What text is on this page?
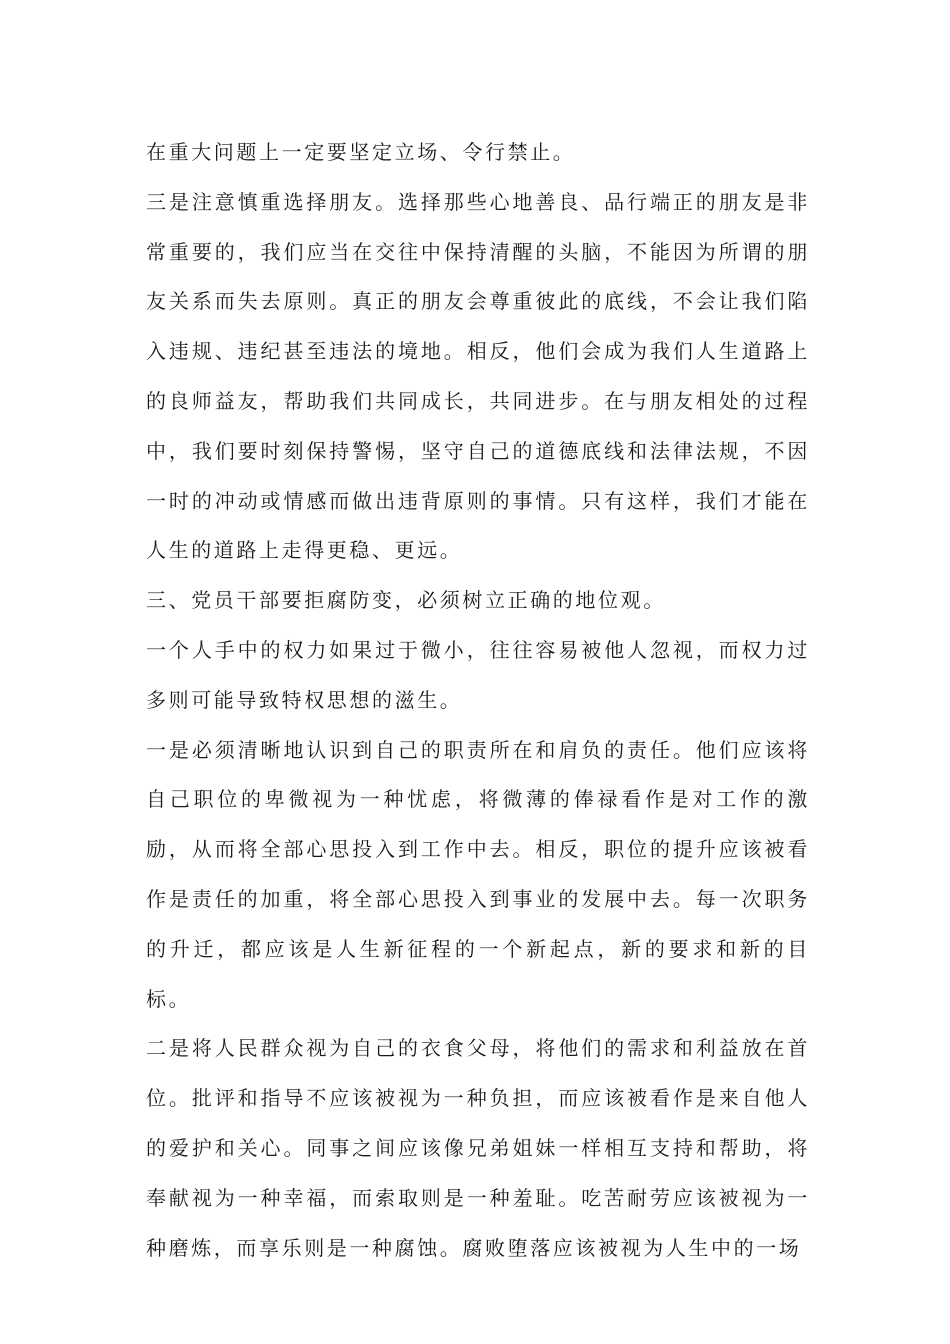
在重大问题上一定要坚定立场、令行禁止。

三是注意慎重选择朋友。选择那些心地善良、品行端正的朋友是非常重要的，我们应当在交往中保持清醒的头脑，不能因为所谓的朋友关系而失去原则。真正的朋友会尊重彼此的底线，不会让我们陷入违规、违纪甚至违法的境地。相反，他们会成为我们人生道路上的良师益友，帮助我们共同成长，共同进步。在与朋友相处的过程中，我们要时刻保持警惕，坚守自己的道德底线和法律法规，不因一时的冲动或情感而做出违背原则的事情。只有这样，我们才能在人生的道路上走得更稳、更远。

三、党员干部要拒腐防变，必须树立正确的地位观。

一个人手中的权力如果过于微小，往往容易被他人忽视，而权力过多则可能导致特权思想的滋生。

一是必须清晰地认识到自己的职责所在和肩负的责任。他们应该将自己职位的卑微视为一种忧虑，将微薄的俸禄看作是对工作的激励，从而将全部心思投入到工作中去。相反，职位的提升应该被看作是责任的加重，将全部心思投入到事业的发展中去。每一次职务的升迁，都应该是人生新征程的一个新起点，新的要求和新的目标。

二是将人民群众视为自己的衣食父母，将他们的需求和利益放在首位。批评和指导不应该被视为一种负担，而应该被看作是来自他人的爱护和关心。同事之间应该像兄弟姐妹一样相互支持和帮助，将奉献视为一种幸福，而索取则是一种羞耻。吃苦耐劳应该被视为一种磨炼，而享乐则是一种腐蚀。腐败堕落应该被视为人生中的一场
